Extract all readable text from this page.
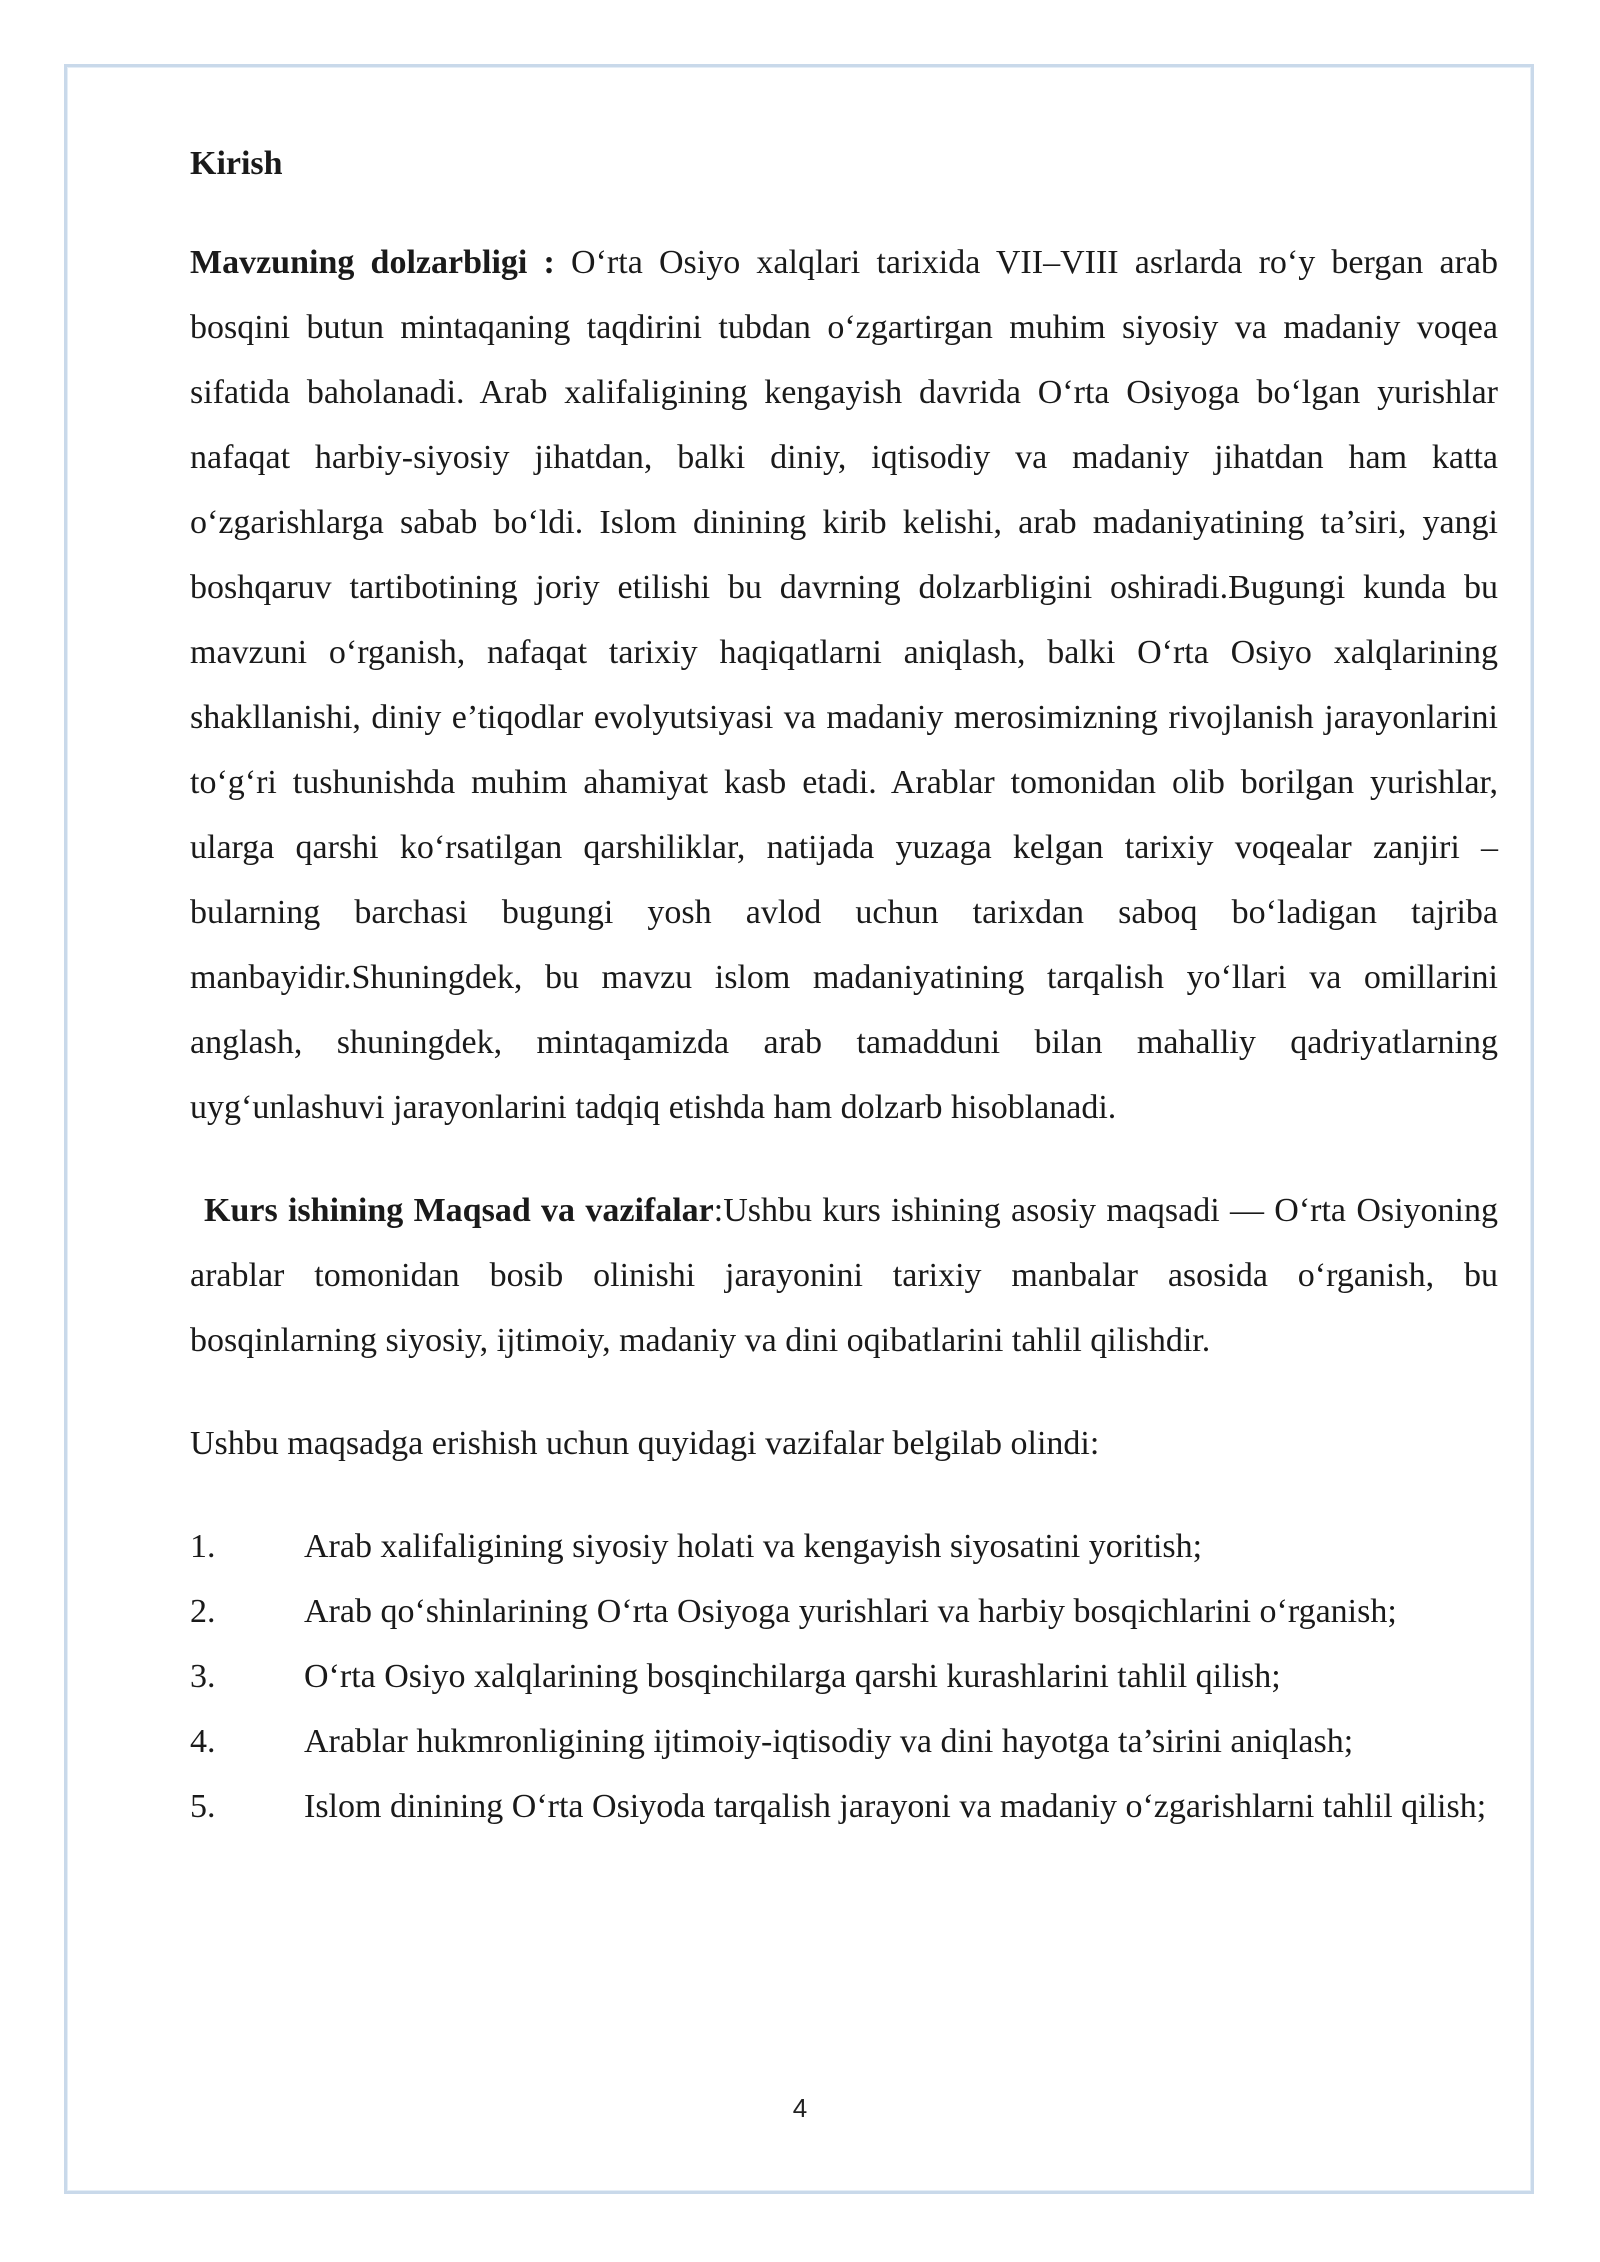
Kirish

Mavzuning dolzarbligi : O‘rta Osiyo xalqlari tarixida VII–VIII asrlarda ro‘y bergan arab bosqini butun mintaqaning taqdirini tubdan o‘zgartirgan muhim siyosiy va madaniy voqea sifatida baholanadi. Arab xalifaligining kengayish davrida O‘rta Osiyoga bo‘lgan yurishlar nafaqat harbiy-siyosiy jihatdan, balki diniy, iqtisodiy va madaniy jihatdan ham katta o‘zgarishlarga sabab bo‘ldi. Islom dinining kirib kelishi, arab madaniyatining ta’siri, yangi boshqaruv tartibotining joriy etilishi bu davrning dolzarbligini oshiradi.Bugungi kunda bu mavzuni o‘rganish, nafaqat tarixiy haqiqatlarni aniqlash, balki O‘rta Osiyo xalqlarining shakllanishi, diniy e’tiqodlar evolyutsiyasi va madaniy merosimizning rivojlanish jarayonlarini to‘g‘ri tushunishda muhim ahamiyat kasb etadi. Arablar tomonidan olib borilgan yurishlar, ularga qarshi ko‘rsatilgan qarshiliklar, natijada yuzaga kelgan tarixiy voqealar zanjiri – bularning barchasi bugungi yosh avlod uchun tarixdan saboq bo‘ladigan tajriba manbayidir.Shuningdek, bu mavzu islom madaniyatining tarqalish yo‘llari va omillarini anglash, shuningdek, mintaqamizda arab tamadduni bilan mahalliy qadriyatlarning uyg‘unlashuvi jarayonlarini tadqiq etishda ham dolzarb hisoblanadi.

Kurs ishining Maqsad va vazifalar:Ushbu kurs ishining asosiy maqsadi — O‘rta Osiyoning arablar tomonidan bosib olinishi jarayonini tarixiy manbalar asosida o‘rganish, bu bosqinlarning siyosiy, ijtimoiy, madaniy va dini oqibatlarini tahlil qilishdir.

Ushbu maqsadga erishish uchun quyidagi vazifalar belgilab olindi:

1.	Arab xalifaligining siyosiy holati va kengayish siyosatini yoritish;
2.	Arab qo‘shinlarining O‘rta Osiyoga yurishlari va harbiy bosqichlarini o‘rganish;
3.	O‘rta Osiyo xalqlarining bosqinchilarga qarshi kurashlarini tahlil qilish;
4.	Arablar hukmronligining ijtimoiy-iqtisodiy va dini hayotga ta’sirini aniqlash;
5.	Islom dinining O‘rta Osiyoda tarqalish jarayoni va madaniy o‘zgarishlarni tahlil qilish;
4
